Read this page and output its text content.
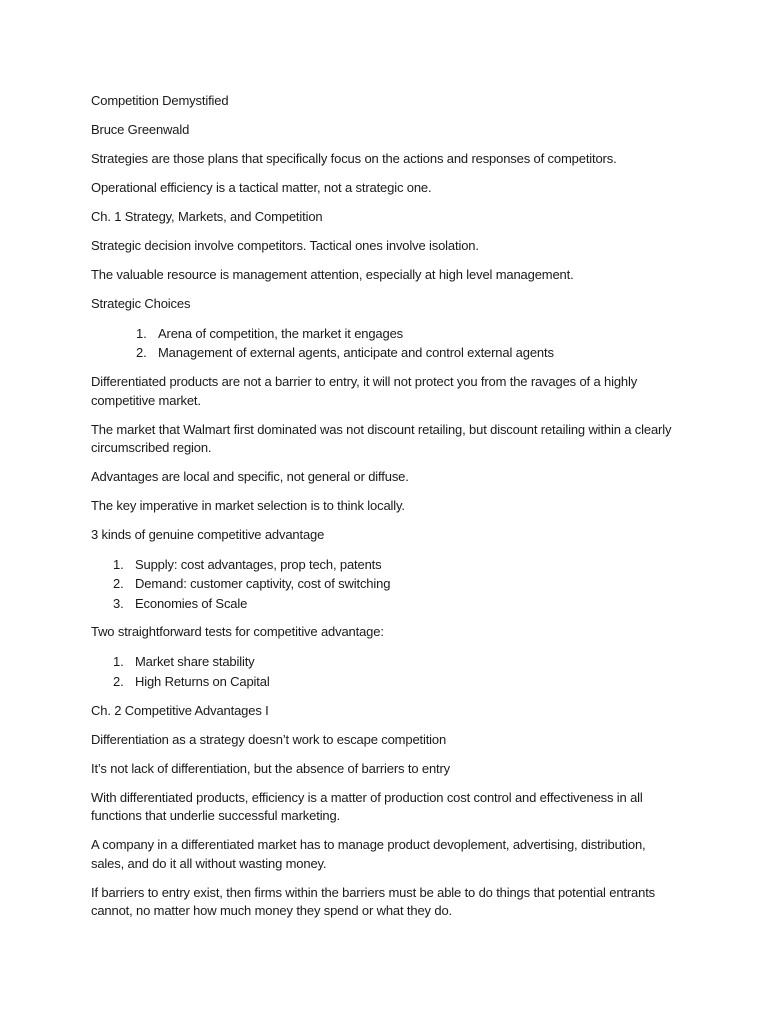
Competition Demystified

Bruce Greenwald

Strategies are those plans that specifically focus on the actions and responses of competitors.

Operational efficiency is a tactical matter, not a strategic one.

Ch. 1 Strategy, Markets, and Competition

Strategic decision involve competitors. Tactical ones involve isolation.

The valuable resource is management attention, especially at high level management.

Strategic Choices

1. Arena of competition, the market it engages
2. Management of external agents, anticipate and control external agents

Differentiated products are not a barrier to entry, it will not protect you from the ravages of a highly competitive market.

The market that Walmart first dominated was not discount retailing, but discount retailing within a clearly circumscribed region.

Advantages are local and specific, not general or diffuse.

The key imperative in market selection is to think locally.

3 kinds of genuine competitive advantage

1. Supply: cost advantages, prop tech, patents
2. Demand: customer captivity, cost of switching
3. Economies of Scale

Two straightforward tests for competitive advantage:

1. Market share stability
2. High Returns on Capital

Ch. 2 Competitive Advantages I

Differentiation as a strategy doesn’t work to escape competition

It’s not lack of differentiation, but the absence of barriers to entry

With differentiated products, efficiency is a matter of production cost control and effectiveness in all functions that underlie successful marketing.

A company in a differentiated market has to manage product devoplement, advertising, distribution, sales, and do it all without wasting money.

If barriers to entry exist, then firms within the barriers must be able to do things that potential entrants cannot, no matter how much money they spend or what they do.
